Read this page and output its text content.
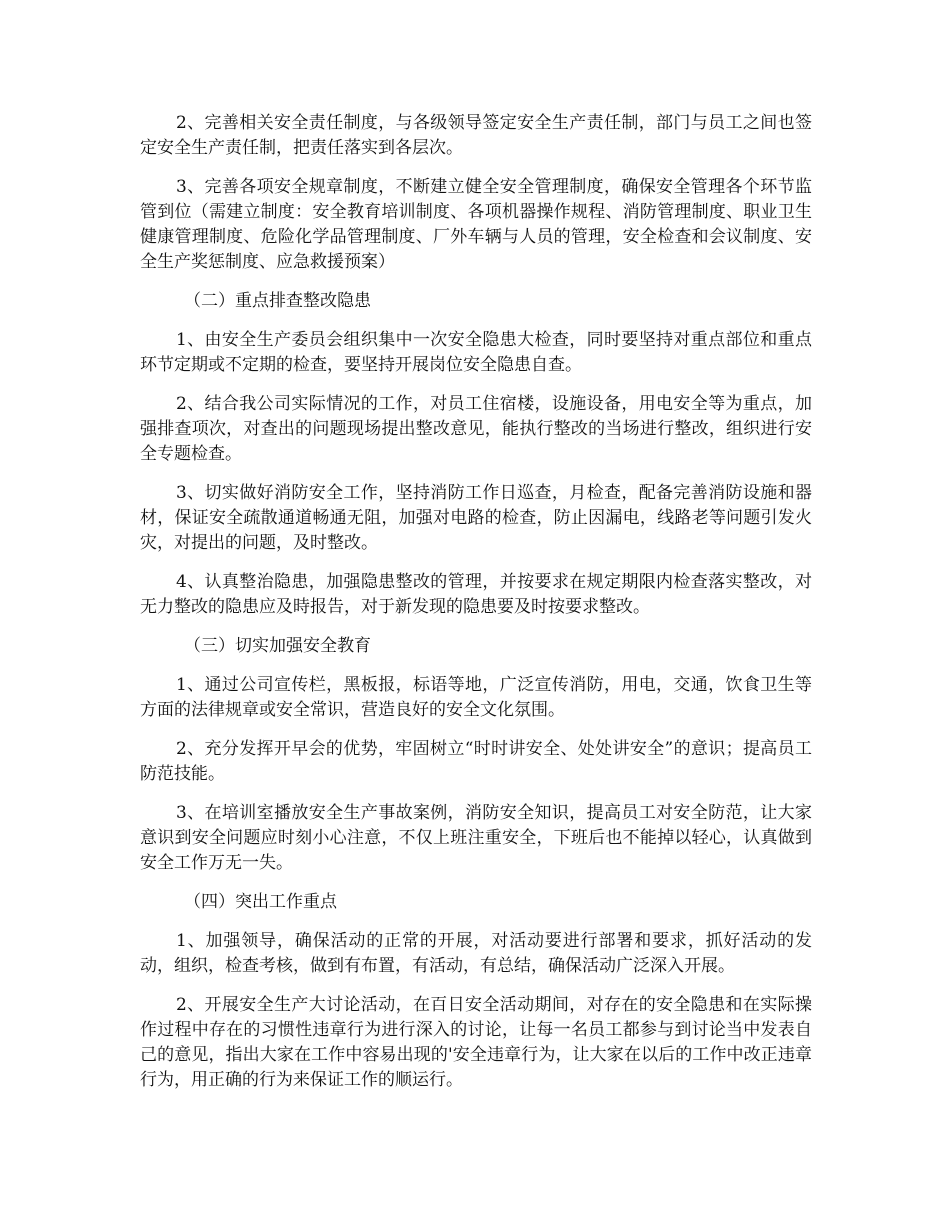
2、完善相关安全责任制度，与各级领导签定安全生产责任制，部门与员工之间也签定安全生产责任制，把责任落实到各层次。

3、完善各项安全规章制度，不断建立健全安全管理制度，确保安全管理各个环节监管到位（需建立制度：安全教育培训制度、各项机器操作规程、消防管理制度、职业卫生健康管理制度、危险化学品管理制度、厂外车辆与人员的管理，安全检查和会议制度、安全生产奖惩制度、应急救援预案）

（二）重点排查整改隐患

1、由安全生产委员会组织集中一次安全隐患大检查，同时要坚持对重点部位和重点环节定期或不定期的检查，要坚持开展岗位安全隐患自查。

2、结合我公司实际情况的工作，对员工住宿楼，设施设备，用电安全等为重点，加强排查项次，对查出的问题现场提出整改意见，能执行整改的当场进行整改，组织进行安全专题检查。

3、切实做好消防安全工作，坚持消防工作日巡查，月检查，配备完善消防设施和器材，保证安全疏散通道畅通无阻，加强对电路的检查，防止因漏电，线路老等问题引发火灾，对提出的问题，及时整改。

4、认真整治隐患，加强隐患整改的管理，并按要求在规定期限内检查落实整改，对无力整改的隐患应及時报告，对于新发现的隐患要及时按要求整改。

（三）切实加强安全教育

1、通过公司宣传栏，黑板报，标语等地，广泛宣传消防，用电，交通，饮食卫生等方面的法律规章或安全常识，营造良好的安全文化氛围。

2、充分发挥开早会的优势，牢固树立“时时讲安全、处处讲安全”的意识；提高员工防范技能。

3、在培训室播放安全生产事故案例，消防安全知识，提高员工对安全防范，让大家意识到安全问题应时刻小心注意，不仅上班注重安全，下班后也不能掉以轻心，认真做到安全工作万无一失。

（四）突出工作重点

1、加强领导，确保活动的正常的开展，对活动要进行部署和要求，抓好活动的发动，组织，检查考核，做到有布置，有活动，有总结，确保活动广泛深入开展。

2、开展安全生产大讨论活动，在百日安全活动期间，对存在的安全隐患和在实际操作过程中存在的习惯性违章行为进行深入的讨论，让每一名员工都参与到讨论当中发表自己的意见，指出大家在工作中容易出现的'安全违章行为，让大家在以后的工作中改正违章行为，用正确的行为来保证工作的顺运行。
